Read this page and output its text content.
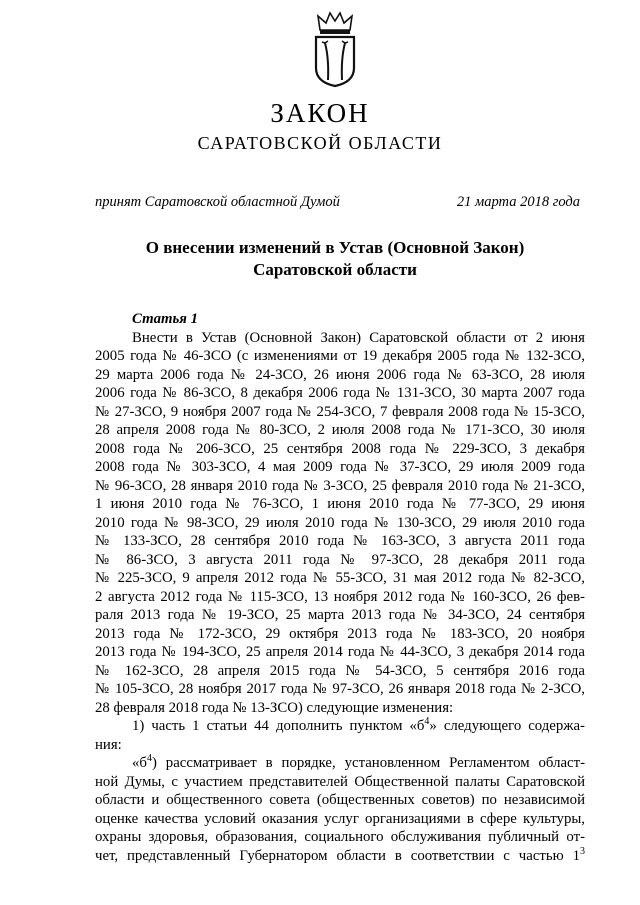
ЗАКОН
САРАТОВСКОЙ ОБЛАСТИ
принят Саратовской областной Думой	21 марта 2018 года
О внесении изменений в Устав (Основной Закон)
Саратовской области
Статья 1
Внести в Устав (Основной Закон) Саратовской области от 2 июня
2005 года № 46-ЗСО (с изменениями от 19 декабря 2005 года № 132-ЗСО,
29 марта 2006 года № 24-ЗСО, 26 июня 2006 года № 63-ЗСО, 28 июля
2006 года № 86-ЗСО, 8 декабря 2006 года № 131-ЗСО, 30 марта 2007 года
№ 27-ЗСО, 9 ноября 2007 года № 254-ЗСО, 7 февраля 2008 года № 15-ЗСО,
28 апреля 2008 года № 80-ЗСО, 2 июля 2008 года № 171-ЗСО, 30 июля
2008 года № 206-ЗСО, 25 сентября 2008 года № 229-ЗСО, 3 декабря
2008 года № 303-ЗСО, 4 мая 2009 года № 37-ЗСО, 29 июля 2009 года
№ 96-ЗСО, 28 января 2010 года № 3-ЗСО, 25 февраля 2010 года № 21-ЗСО,
1 июня 2010 года № 76-ЗСО, 1 июня 2010 года № 77-ЗСО, 29 июня
2010 года № 98-ЗСО, 29 июля 2010 года № 130-ЗСО, 29 июля 2010 года
№ 133-ЗСО, 28 сентября 2010 года № 163-ЗСО, 3 августа 2011 года
№ 86-ЗСО, 3 августа 2011 года № 97-ЗСО, 28 декабря 2011 года
№ 225-ЗСО, 9 апреля 2012 года № 55-ЗСО, 31 мая 2012 года № 82-ЗСО,
2 августа 2012 года № 115-ЗСО, 13 ноября 2012 года № 160-ЗСО, 26 фев-
раля 2013 года № 19-ЗСО, 25 марта 2013 года № 34-ЗСО, 24 сентября
2013 года № 172-ЗСО, 29 октября 2013 года № 183-ЗСО, 20 ноября
2013 года № 194-ЗСО, 25 апреля 2014 года № 44-ЗСО, 3 декабря 2014 года
№ 162-ЗСО, 28 апреля 2015 года № 54-ЗСО, 5 сентября 2016 года
№ 105-ЗСО, 28 ноября 2017 года № 97-ЗСО, 26 января 2018 года № 2-ЗСО,
28 февраля 2018 года № 13-ЗСО) следующие изменения:
1) часть 1 статьи 44 дополнить пунктом «$б^4$» следующего содержа-
ния:
«$б^4$) рассматривает в порядке, установленном Регламентом област-
ной Думы, с участием представителей Общественной палаты Саратовской
области и общественного совета (общественных советов) по независимой
оценке качества условий оказания услуг организациями в сфере культуры,
охраны здоровья, образования, социального обслуживания публичный от-
чет, представленный Губернатором области в соответствии с частью $1^3$
